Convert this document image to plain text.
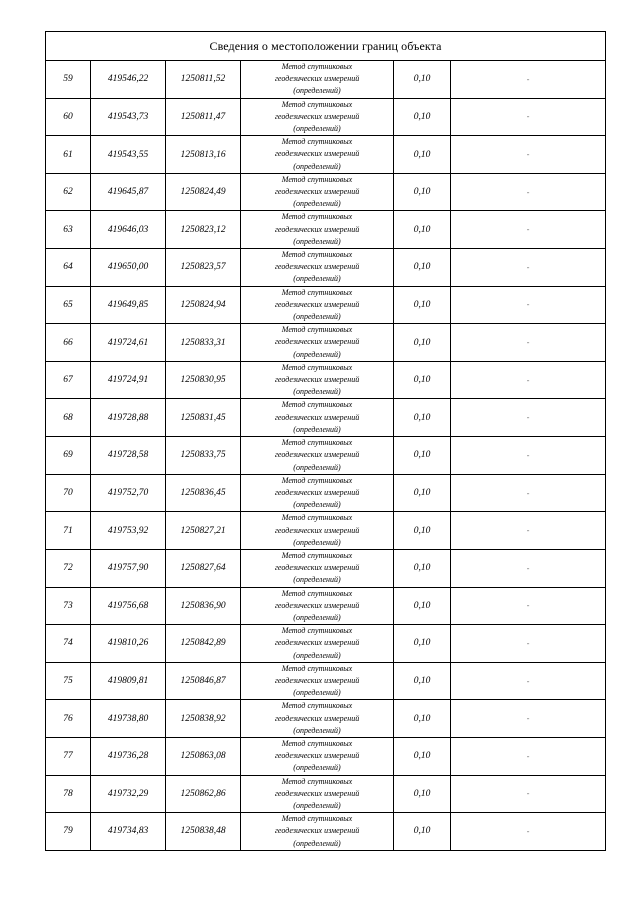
Сведения о местоположении границ объекта					
59	419546,22	1250811,52	Метод спутниковых
геодезических измерений
(определений)	0,10	-
60	419543,73	1250811,47	Метод спутниковых
геодезических измерений
(определений)	0,10	-
61	419543,55	1250813,16	Метод спутниковых
геодезических измерений
(определений)	0,10	-
62	419645,87	1250824,49	Метод спутниковых
геодезических измерений
(определений)	0,10	-
63	419646,03	1250823,12	Метод спутниковых
геодезических измерений
(определений)	0,10	-
64	419650,00	1250823,57	Метод спутниковых
геодезических измерений
(определений)	0,10	-
65	419649,85	1250824,94	Метод спутниковых
геодезических измерений
(определений)	0,10	-
66	419724,61	1250833,31	Метод спутниковых
геодезических измерений
(определений)	0,10	-
67	419724,91	1250830,95	Метод спутниковых
геодезических измерений
(определений)	0,10	-
68	419728,88	1250831,45	Метод спутниковых
геодезических измерений
(определений)	0,10	-
69	419728,58	1250833,75	Метод спутниковых
геодезических измерений
(определений)	0,10	-
70	419752,70	1250836,45	Метод спутниковых
геодезических измерений
(определений)	0,10	-
71	419753,92	1250827,21	Метод спутниковых
геодезических измерений
(определений)	0,10	-
72	419757,90	1250827,64	Метод спутниковых
геодезических измерений
(определений)	0,10	-
73	419756,68	1250836,90	Метод спутниковых
геодезических измерений
(определений)	0,10	-
74	419810,26	1250842,89	Метод спутниковых
геодезических измерений
(определений)	0,10	-
75	419809,81	1250846,87	Метод спутниковых
геодезических измерений
(определений)	0,10	-
76	419738,80	1250838,92	Метод спутниковых
геодезических измерений
(определений)	0,10	-
77	419736,28	1250863,08	Метод спутниковых
геодезических измерений
(определений)	0,10	-
78	419732,29	1250862,86	Метод спутниковых
геодезических измерений
(определений)	0,10	-
79	419734,83	1250838,48	Метод спутниковых
геодезических измерений
(определений)	0,10	-
